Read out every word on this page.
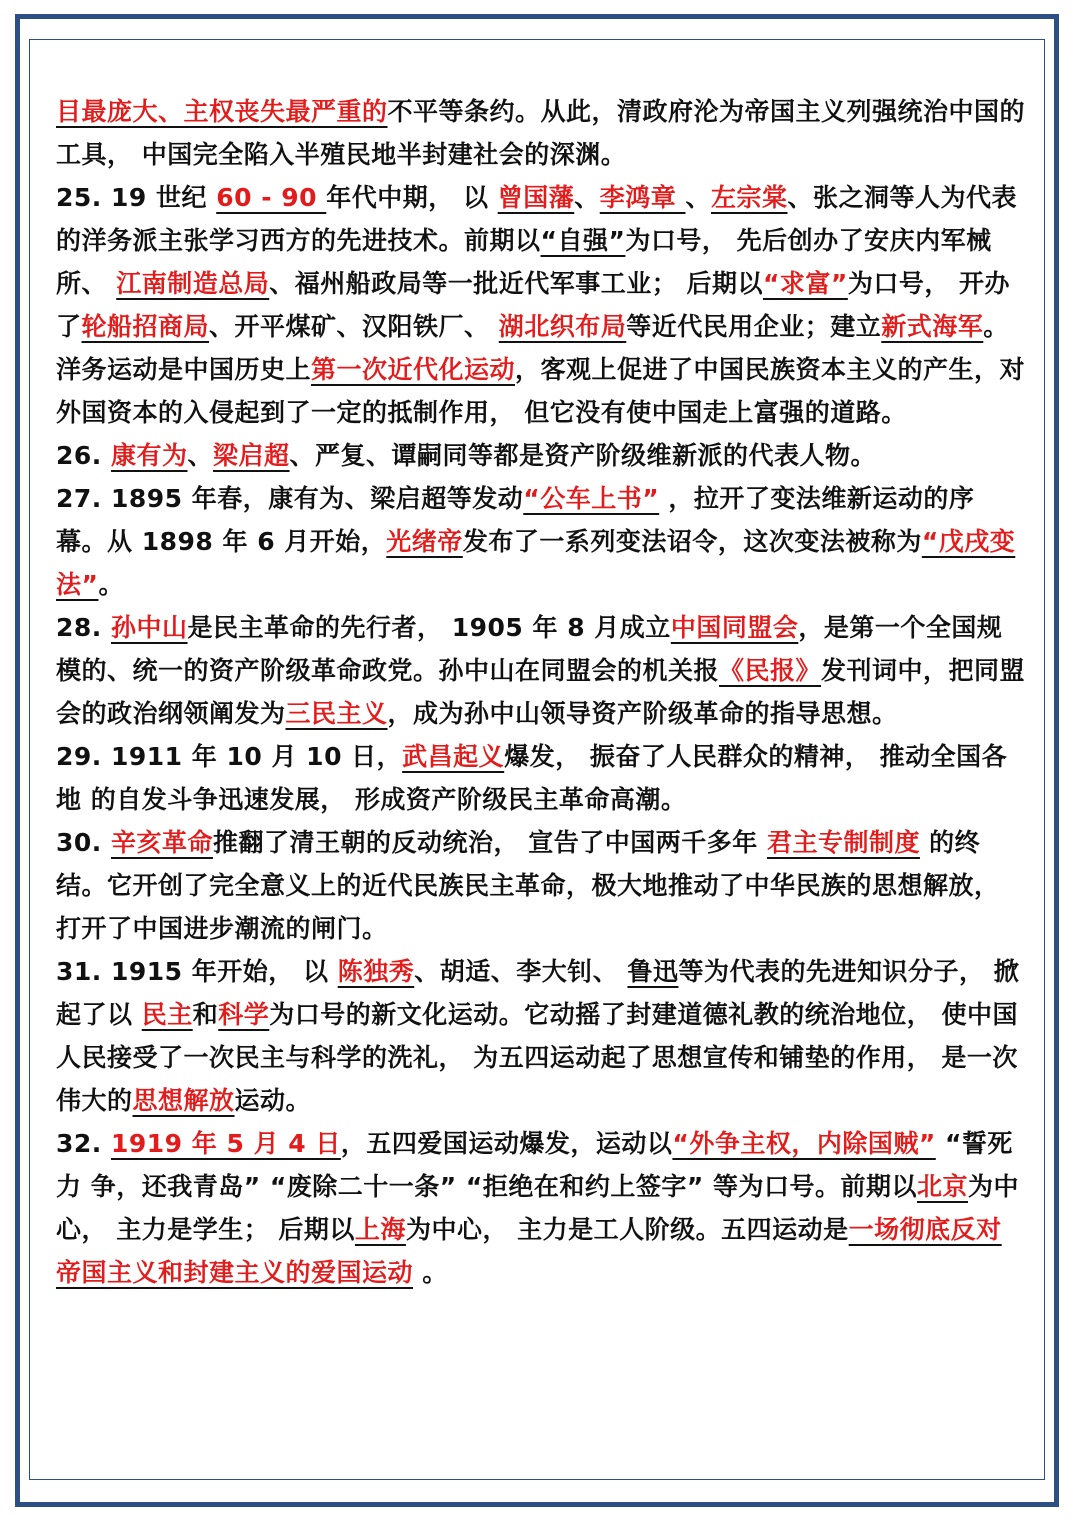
目最庞大、主权丧失最严重的不平等条约。从此，清政府沦为帝国主义列强统治中国的工具， 中国完全陷入半殖民地半封建社会的深渊。

25. 19 世纪 60 - 90 年代中期， 以 曾国藩、李鸿章 、左宗棠、张之洞等人为代表的洋务派主张学习西方的先进技术。前期以“自强”为口号， 先后创办了安庆内军械所、 江南制造总局、福州船政局等一批近代军事工业； 后期以“求富”为口号， 开办了轮船招商局、开平煤矿、汉阳铁厂、 湖北织布局等近代民用企业；建立新式海军。洋务运动是中国历史上第一次近代化运动，客观上促进了中国民族资本主义的产生，对外国资本的入侵起到了一定的抵制作用， 但它没有使中国走上富强的道路。

26. 康有为、梁启超、严复、谭嗣同等都是资产阶级维新派的代表人物。

27. 1895 年春，康有为、梁启超等发动“公车上书” ，拉开了变法维新运动的序 幕。从 1898 年 6 月开始，光绪帝发布了一系列变法诏令，这次变法被称为“戊戌变法”。

28. 孙中山是民主革命的先行者， 1905 年 8 月成立中国同盟会，是第一个全国规模的、统一的资产阶级革命政党。孙中山在同盟会的机关报《民报》发刊词中，把同盟会的政治纲领阐发为三民主义，成为孙中山领导资产阶级革命的指导思想。

29. 1911 年 10 月 10 日，武昌起义爆发， 振奋了人民群众的精神， 推动全国各地 的自发斗争迅速发展， 形成资产阶级民主革命高潮。

30. 辛亥革命推翻了清王朝的反动统治， 宣告了中国两千多年 君主专制制度 的终结。它开创了完全意义上的近代民族民主革命，极大地推动了中华民族的思想解放， 打开了中国进步潮流的闸门。

31. 1915 年开始， 以 陈独秀、胡适、李大钊、 鲁迅等为代表的先进知识分子， 掀起了以 民主和科学为口号的新文化运动。它动摇了封建道德礼教的统治地位， 使中国人民接受了一次民主与科学的洗礼， 为五四运动起了思想宣传和铺垫的作用， 是一次伟大的思想解放运动。

32. 1919 年 5 月 4 日，五四爱国运动爆发，运动以“外争主权，内除国贼” “誓死力 争，还我青岛” “废除二十一条” “拒绝在和约上签字” 等为口号。前期以北京为中心， 主力是学生； 后期以上海为中心， 主力是工人阶级。五四运动是一场彻底反对帝国主义和封建主义的爱国运动 。
